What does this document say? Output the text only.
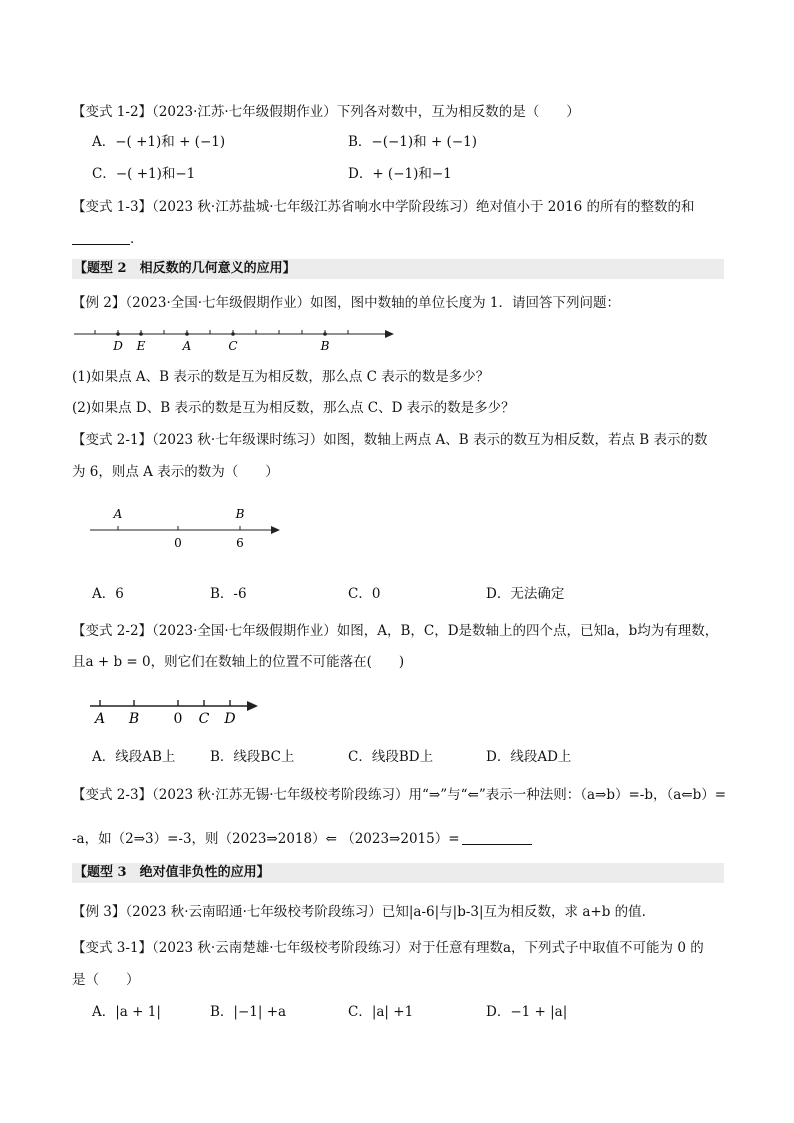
【变式 1-2】（2023·江苏·七年级假期作业）下列各对数中，互为相反数的是（　　）
A．−( +1)和 + (−1)	B．−(−1)和 + (−1)
C．−( +1)和−1	D．+ (−1)和−1
【变式 1-3】（2023 秋·江苏盐城·七年级江苏省响水中学阶段练习）绝对值小于 2016 的所有的整数的和
．
【题型 2　相反数的几何意义的应用】
【例 2】（2023·全国·七年级假期作业）如图，图中数轴的单位长度为 1．请回答下列问题：
D E	A	C	B
(1)如果点 A、B 表示的数是互为相反数，那么点 C 表示的数是多少？
(2)如果点 D、B 表示的数是互为相反数，那么点 C、D 表示的数是多少？
【变式 2-1】（2023 秋·七年级课时练习）如图，数轴上两点 A、B 表示的数互为相反数，若点 B 表示的数
为 6，则点 A 表示的数为（　　）
A	B
0	6
A．6	B．-6	C．0	D．无法确定
【变式 2-2】（2023·全国·七年级假期作业）如图，A，B，C，D是数轴上的四个点，已知a，b均为有理数，
且a + b = 0，则它们在数轴上的位置不可能落在(　　)
A B 0 C D
A．线段AB上	B．线段BC上	C．线段BD上	D．线段AD上
【变式 2-3】（2023 秋·江苏无锡·七年级校考阶段练习）用“⇒”与“⇐”表示一种法则：（a⇒b）=-b，（a⇐b）=
-a，如（2⇒3）=-3，则（2023⇒2018）⇐ （2023⇒2015）=
【题型 3　绝对值非负性的应用】
【例 3】（2023 秋·云南昭通·七年级校考阶段练习）已知|a-6|与|b-3|互为相反数，求 a+b 的值.
【变式 3-1】（2023 秋·云南楚雄·七年级校考阶段练习）对于任意有理数a，下列式子中取值不可能为 0 的
是（　　）
A．|a + 1|	B．|−1| +a	C．|a| +1	D．−1 + |a|
